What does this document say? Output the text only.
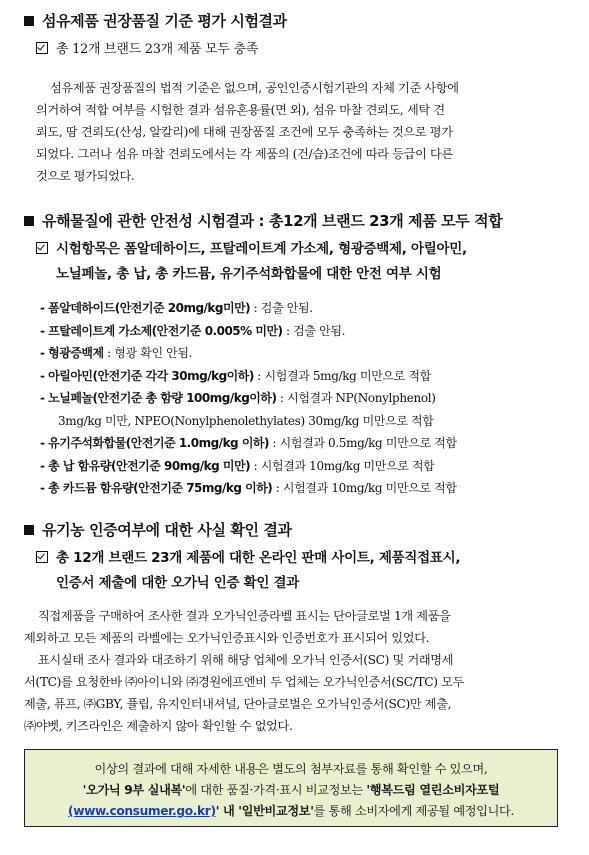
섬유제품 권장품질 기준 평가 시험결과
총 12개 브랜드 23개 제품 모두 충족
섬유제품 권장품질의 법적 기준은 없으며, 공인인증시험기관의 자체 기준 사항에
의거하여 적합 여부를 시험한 결과 섬유혼용률(면 외), 섬유 마찰 견뢰도, 세탁 견
뢰도, 땀 견뢰도(산성, 알칼리)에 대해 권장품질 조건에 모두 충족하는 것으로 평가
되었다. 그러나 섬유 마찰 견뢰도에서는 각 제품의 (건/습)조건에 따라 등급이 다른
것으로 평가되었다.
유해물질에 관한 안전성 시험결과 : 총12개 브랜드 23개 제품 모두 적합
시험항목은 폼알데하이드, 프탈레이트계 가소제, 형광증백제, 아릴아민,
노닐페놀, 총 납, 총 카드뮴, 유기주석화합물에 대한 안전 여부 시험
- 폼알데하이드(안전기준 20mg/kg미만) : 검출 안됨.
- 프탈레이트계 가소제(안전기준 0.005% 미만) : 검출 안됨.
- 형광증백제 : 형광 확인 안됨.
- 아릴아민(안전기준 각각 30mg/kg이하) : 시험결과 5mg/kg 미만으로 적합
- 노닐페놀(안전기준 총 함량 100mg/kg이하) : 시험결과 NP(Nonylphenol)
3mg/kg 미만, NPEO(Nonylphenolethylates) 30mg/kg 미만으로 적합
- 유기주석화합물(안전기준 1.0mg/kg 이하) : 시험결과 0.5mg/kg 미만으로 적합
- 총 납 함유량(안전기준 90mg/kg 미만) : 시험결과 10mg/kg 미만으로 적합
- 총 카드뮴 함유량(안전기준 75mg/kg 이하) : 시험결과 10mg/kg 미만으로 적합
유기농 인증여부에 대한 사실 확인 결과
총 12개 브랜드 23개 제품에 대한 온라인 판매 사이트, 제품직접표시,
인증서 제출에 대한 오가닉 인증 확인 결과
직접제품을 구매하여 조사한 결과 오가닉인증라벨 표시는 단아글로벌 1개 제품을
제외하고 모든 제품의 라벨에는 오가닉인증표시와 인증번호가 표시되어 있었다.
표시실태 조사 결과와 대조하기 위해 해당 업체에 오가닉 인증서(SC) 및 거래명세
서(TC)를 요청한바 ㈜아이니와 ㈜경원에프엔비 두 업체는 오가닉인증서(SC/TC) 모두
제출, 퓨프, ㈜GBY, 퓰립, 유지인터내셔널, 단아글로벌은 오가닉인증서(SC)만 제출,
㈜야벳, 키즈라인은 제출하지 않아 확인할 수 없었다.
이상의 결과에 대해 자세한 내용은 별도의 첨부자료를 통해 확인할 수 있으며,
'오가닉 9부 실내복'에 대한 품질·가격·표시 비교정보는 '행복드림 열린소비자포털
(www.consumer.go.kr)' 내 '일반비교정보'를 통해 소비자에게 제공될 예정입니다.
